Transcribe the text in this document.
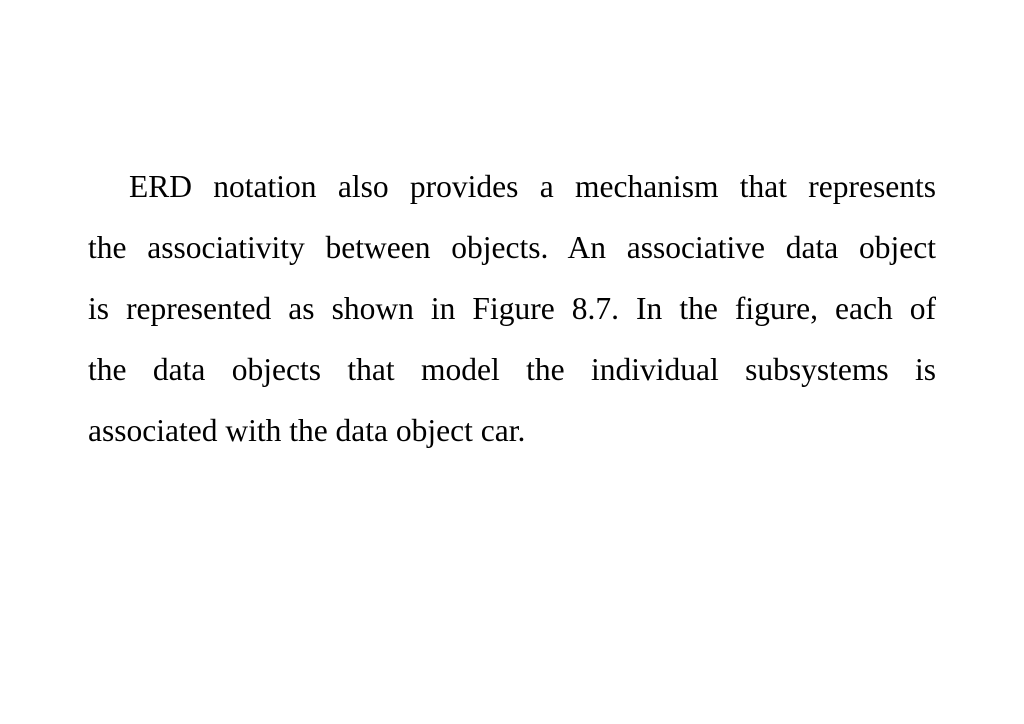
ERD notation also provides a mechanism that represents
the associativity between objects. An associative data object
is represented as shown in Figure 8.7. In the figure, each of
the data objects that model the individual subsystems is
associated with the data object car.
